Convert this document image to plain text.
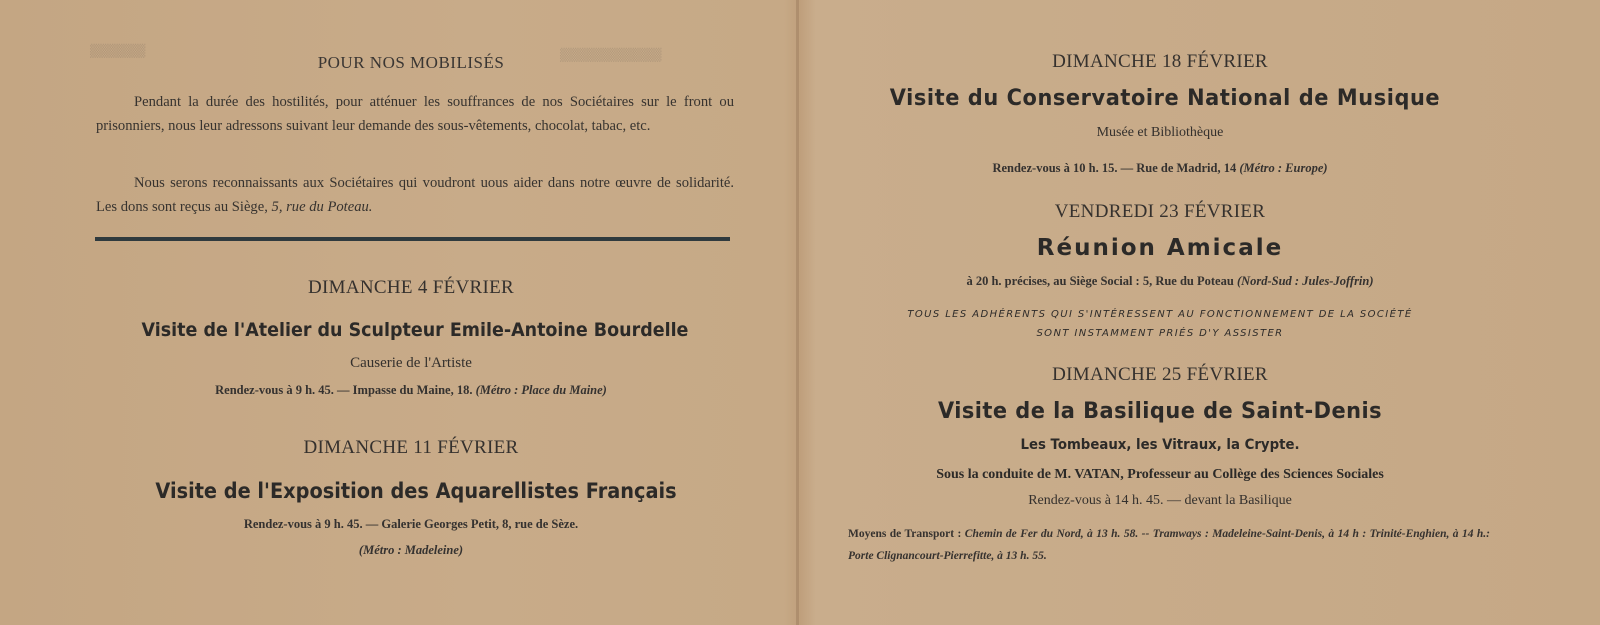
▒▒▒▒▒▒	▒▒▒▒▒▒▒▒▒▒▒
POUR NOS MOBILISÉS
Pendant la durée des hostilités, pour atténuer les souffrances de nos Sociétaires sur le front ou prisonniers, nous leur adressons suivant leur demande des sous-vêtements, chocolat, tabac, etc.
Nous serons reconnaissants aux Sociétaires qui voudront uous aider dans notre œuvre de solidarité. Les dons sont reçus au Siège, 5, rue du Poteau.
DIMANCHE 4 FÉVRIER
Visite de l'Atelier du Sculpteur Emile-Antoine Bourdelle
Causerie de l'Artiste
Rendez-vous à 9 h. 45. — Impasse du Maine, 18. (Métro : Place du Maine)
DIMANCHE 11 FÉVRIER
Visite de l'Exposition des Aquarellistes Français
Rendez-vous à 9 h. 45. — Galerie Georges Petit, 8, rue de Sèze.
(Métro : Madeleine)
DIMANCHE 18 FÉVRIER
Visite du Conservatoire National de Musique
Musée et Bibliothèque
Rendez-vous à 10 h. 15. — Rue de Madrid, 14 (Métro : Europe)
VENDREDI 23 FÉVRIER
Réunion Amicale
à 20 h. précises, au Siège Social : 5, Rue du Poteau (Nord-Sud : Jules-Joffrin)
TOUS LES ADHÉRENTS QUI S'INTÉRESSENT AU FONCTIONNEMENT DE LA SOCIÉTÉ
SONT INSTAMMENT PRIÉS D'Y ASSISTER
DIMANCHE 25 FÉVRIER
Visite de la Basilique de Saint-Denis
Les Tombeaux, les Vitraux, la Crypte.
Sous la conduite de M. VATAN, Professeur au Collège des Sciences Sociales
Rendez-vous à 14 h. 45. — devant la Basilique
Moyens de Transport : Chemin de Fer du Nord, à 13 h. 58. -- Tramways : Madeleine-Saint-Denis, à 14 h : Trinité-Enghien, à 14 h.: Porte Clignancourt-Pierrefitte, à 13 h. 55.
